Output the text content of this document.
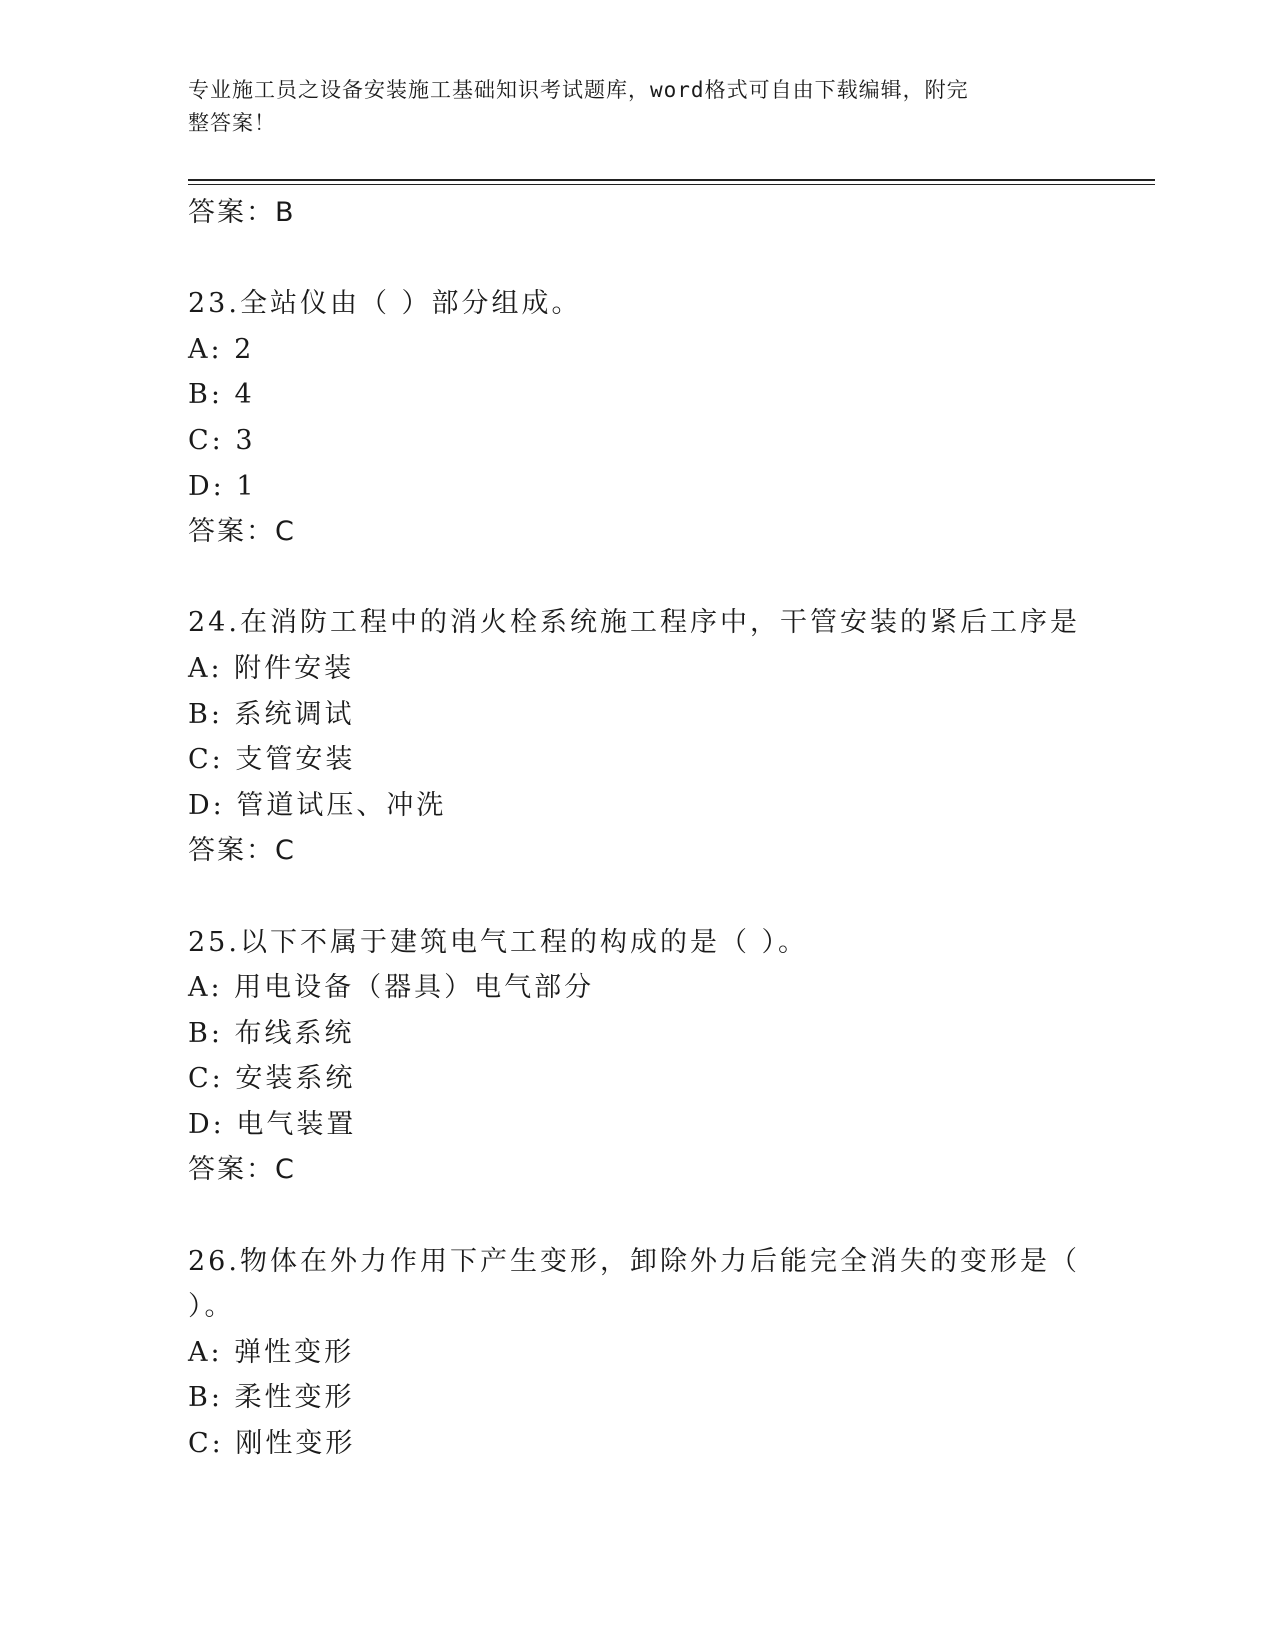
专业施工员之设备安装施工基础知识考试题库，word格式可自由下载编辑，附完
整答案！
答案：B
23.全站仪由（ ）部分组成。
A: 2
B: 4
C: 3
D: 1
答案：C
24.在消防工程中的消火栓系统施工程序中，干管安装的紧后工序是
A: 附件安装
B: 系统调试
C: 支管安装
D: 管道试压、冲洗
答案：C
25.以下不属于建筑电气工程的构成的是（ ）。
A: 用电设备（器具）电气部分
B: 布线系统
C: 安装系统
D: 电气装置
答案：C
26.物体在外力作用下产生变形，卸除外力后能完全消失的变形是（
）。
A: 弹性变形
B: 柔性变形
C: 刚性变形
